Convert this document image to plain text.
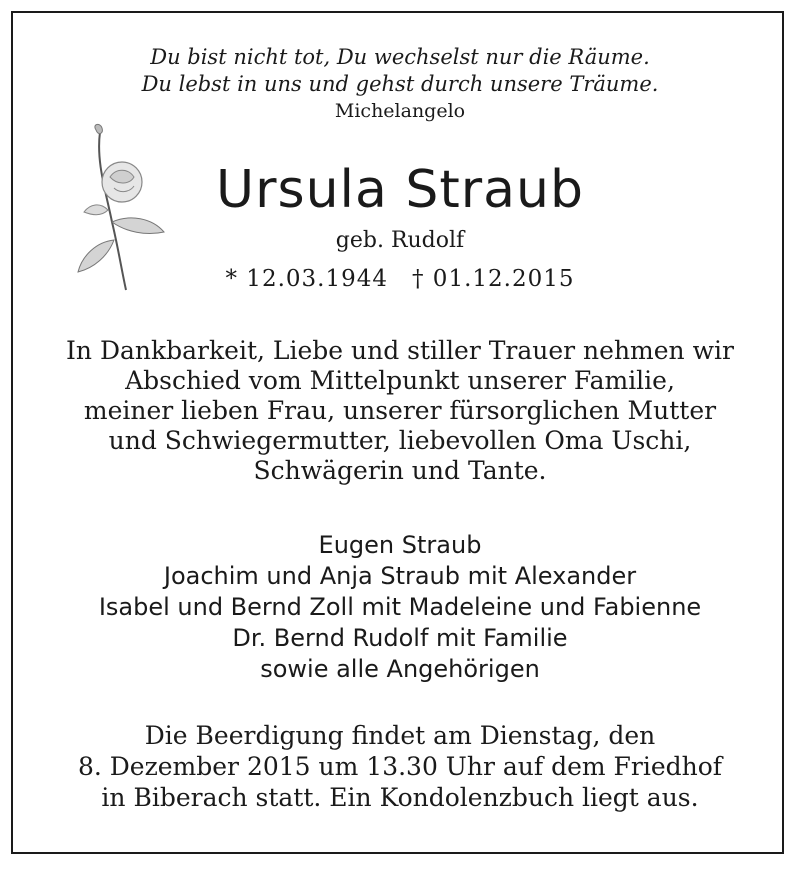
Du bist nicht tot, Du wechselst nur die Räume.
Du lebst in uns und gehst durch unsere Träume.
Michelangelo
Ursula Straub
geb. Rudolf
* 12.03.1944 † 01.12.2015
In Dankbarkeit, Liebe und stiller Trauer nehmen wir
Abschied vom Mittelpunkt unserer Familie,
meiner lieben Frau, unserer fürsorglichen Mutter
und Schwiegermutter, liebevollen Oma Uschi,
Schwägerin und Tante.
Eugen Straub
Joachim und Anja Straub mit Alexander
Isabel und Bernd Zoll mit Madeleine und Fabienne
Dr. Bernd Rudolf mit Familie
sowie alle Angehörigen
Die Beerdigung findet am Dienstag, den
8. Dezember 2015 um 13.30 Uhr auf dem Friedhof
in Biberach statt. Ein Kondolenzbuch liegt aus.
